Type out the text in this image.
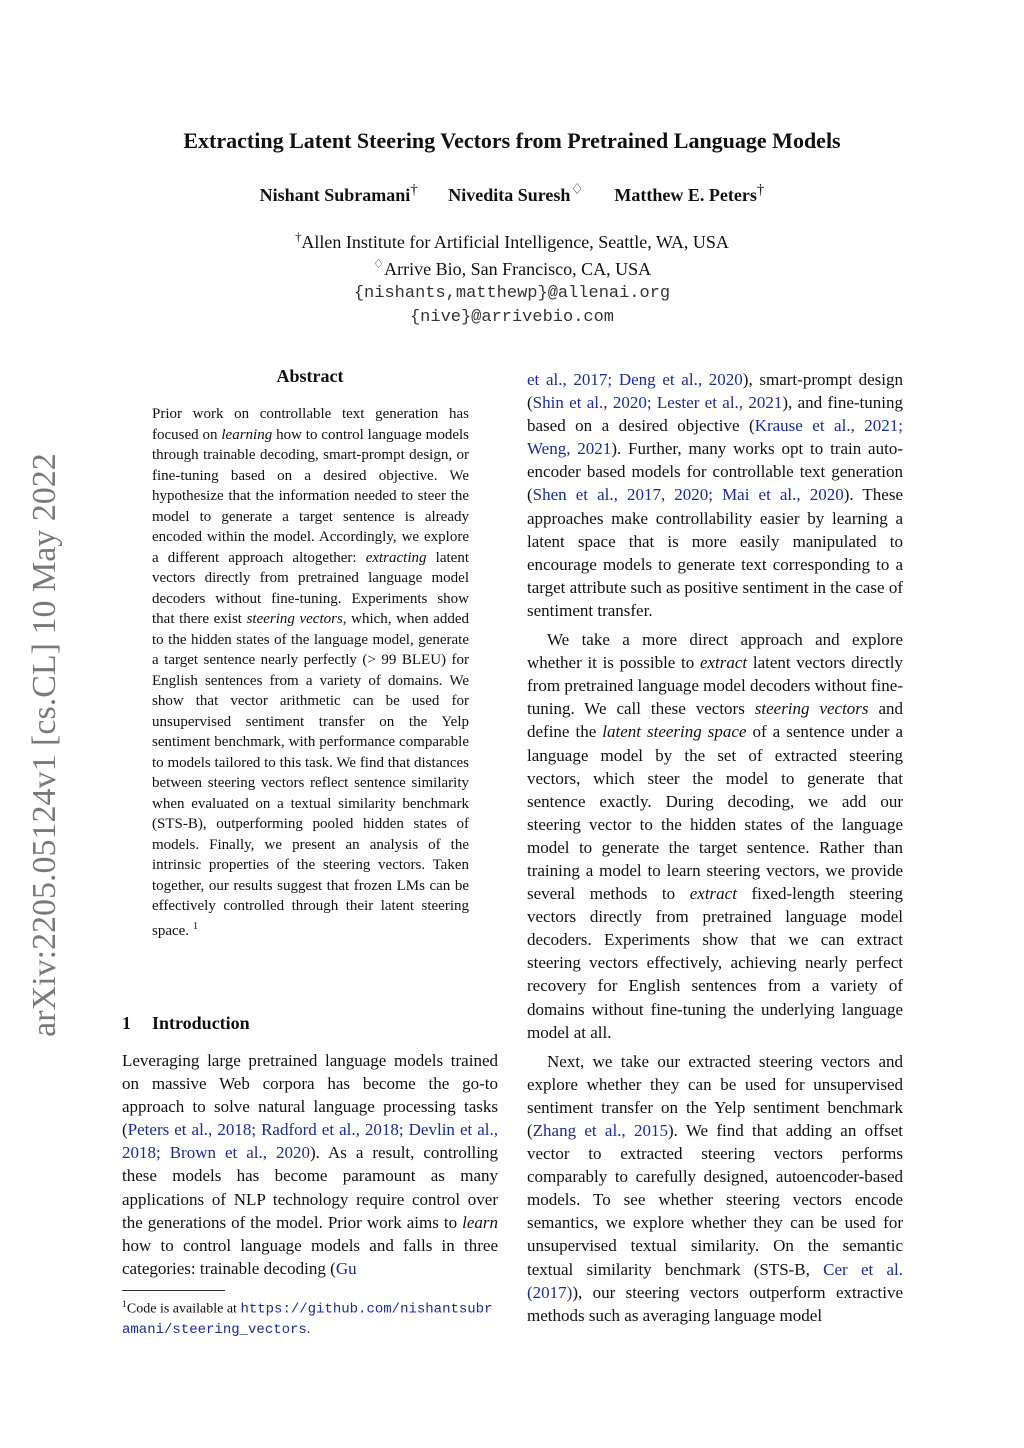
arXiv:2205.05124v1 [cs.CL] 10 May 2022
Extracting Latent Steering Vectors from Pretrained Language Models
Nishant Subramani† Nivedita Suresh♢ Matthew E. Peters†
†Allen Institute for Artificial Intelligence, Seattle, WA, USA
♢Arrive Bio, San Francisco, CA, USA
{nishants,matthewp}@allenai.org
{nive}@arrivebio.com
Abstract

Prior work on controllable text generation has focused on learning how to control language models through trainable decoding, smart-prompt design, or fine-tuning based on a desired objective. We hypothesize that the information needed to steer the model to generate a target sentence is already encoded within the model. Accordingly, we explore a different approach altogether: extracting latent vectors directly from pretrained language model decoders without fine-tuning. Experiments show that there exist steering vectors, which, when added to the hidden states of the language model, generate a target sentence nearly perfectly (> 99 BLEU) for English sentences from a variety of domains. We show that vector arithmetic can be used for unsupervised sentiment transfer on the Yelp sentiment benchmark, with performance comparable to models tailored to this task. We find that distances between steering vectors reflect sentence similarity when evaluated on a textual similarity benchmark (STS-B), outperforming pooled hidden states of models. Finally, we present an analysis of the intrinsic properties of the steering vectors. Taken together, our results suggest that frozen LMs can be effectively controlled through their latent steering space. $^1$

1 Introduction

Leveraging large pretrained language models trained on massive Web corpora has become the go-to approach to solve natural language processing tasks (Peters et al., 2018; Radford et al., 2018; Devlin et al., 2018; Brown et al., 2020). As a result, controlling these models has become paramount as many applications of NLP technology require control over the generations of the model. Prior work aims to learn how to control language models and falls in three categories: trainable decoding (Gu

$^1$Code is available at https://github.com/nishantsubramani/steering_vectors.

et al., 2017; Deng et al., 2020), smart-prompt design (Shin et al., 2020; Lester et al., 2021), and fine-tuning based on a desired objective (Krause et al., 2021; Weng, 2021). Further, many works opt to train auto-encoder based models for controllable text generation (Shen et al., 2017, 2020; Mai et al., 2020). These approaches make controllability easier by learning a latent space that is more easily manipulated to encourage models to generate text corresponding to a target attribute such as positive sentiment in the case of sentiment transfer.

We take a more direct approach and explore whether it is possible to extract latent vectors directly from pretrained language model decoders without fine-tuning. We call these vectors steering vectors and define the latent steering space of a sentence under a language model by the set of extracted steering vectors, which steer the model to generate that sentence exactly. During decoding, we add our steering vector to the hidden states of the language model to generate the target sentence. Rather than training a model to learn steering vectors, we provide several methods to extract fixed-length steering vectors directly from pretrained language model decoders. Experiments show that we can extract steering vectors effectively, achieving nearly perfect recovery for English sentences from a variety of domains without fine-tuning the underlying language model at all.

Next, we take our extracted steering vectors and explore whether they can be used for unsupervised sentiment transfer on the Yelp sentiment benchmark (Zhang et al., 2015). We find that adding an offset vector to extracted steering vectors performs comparably to carefully designed, autoencoder-based models. To see whether steering vectors encode semantics, we explore whether they can be used for unsupervised textual similarity. On the semantic textual similarity benchmark (STS-B, Cer et al. (2017)), our steering vectors outperform extractive methods such as averaging language model
